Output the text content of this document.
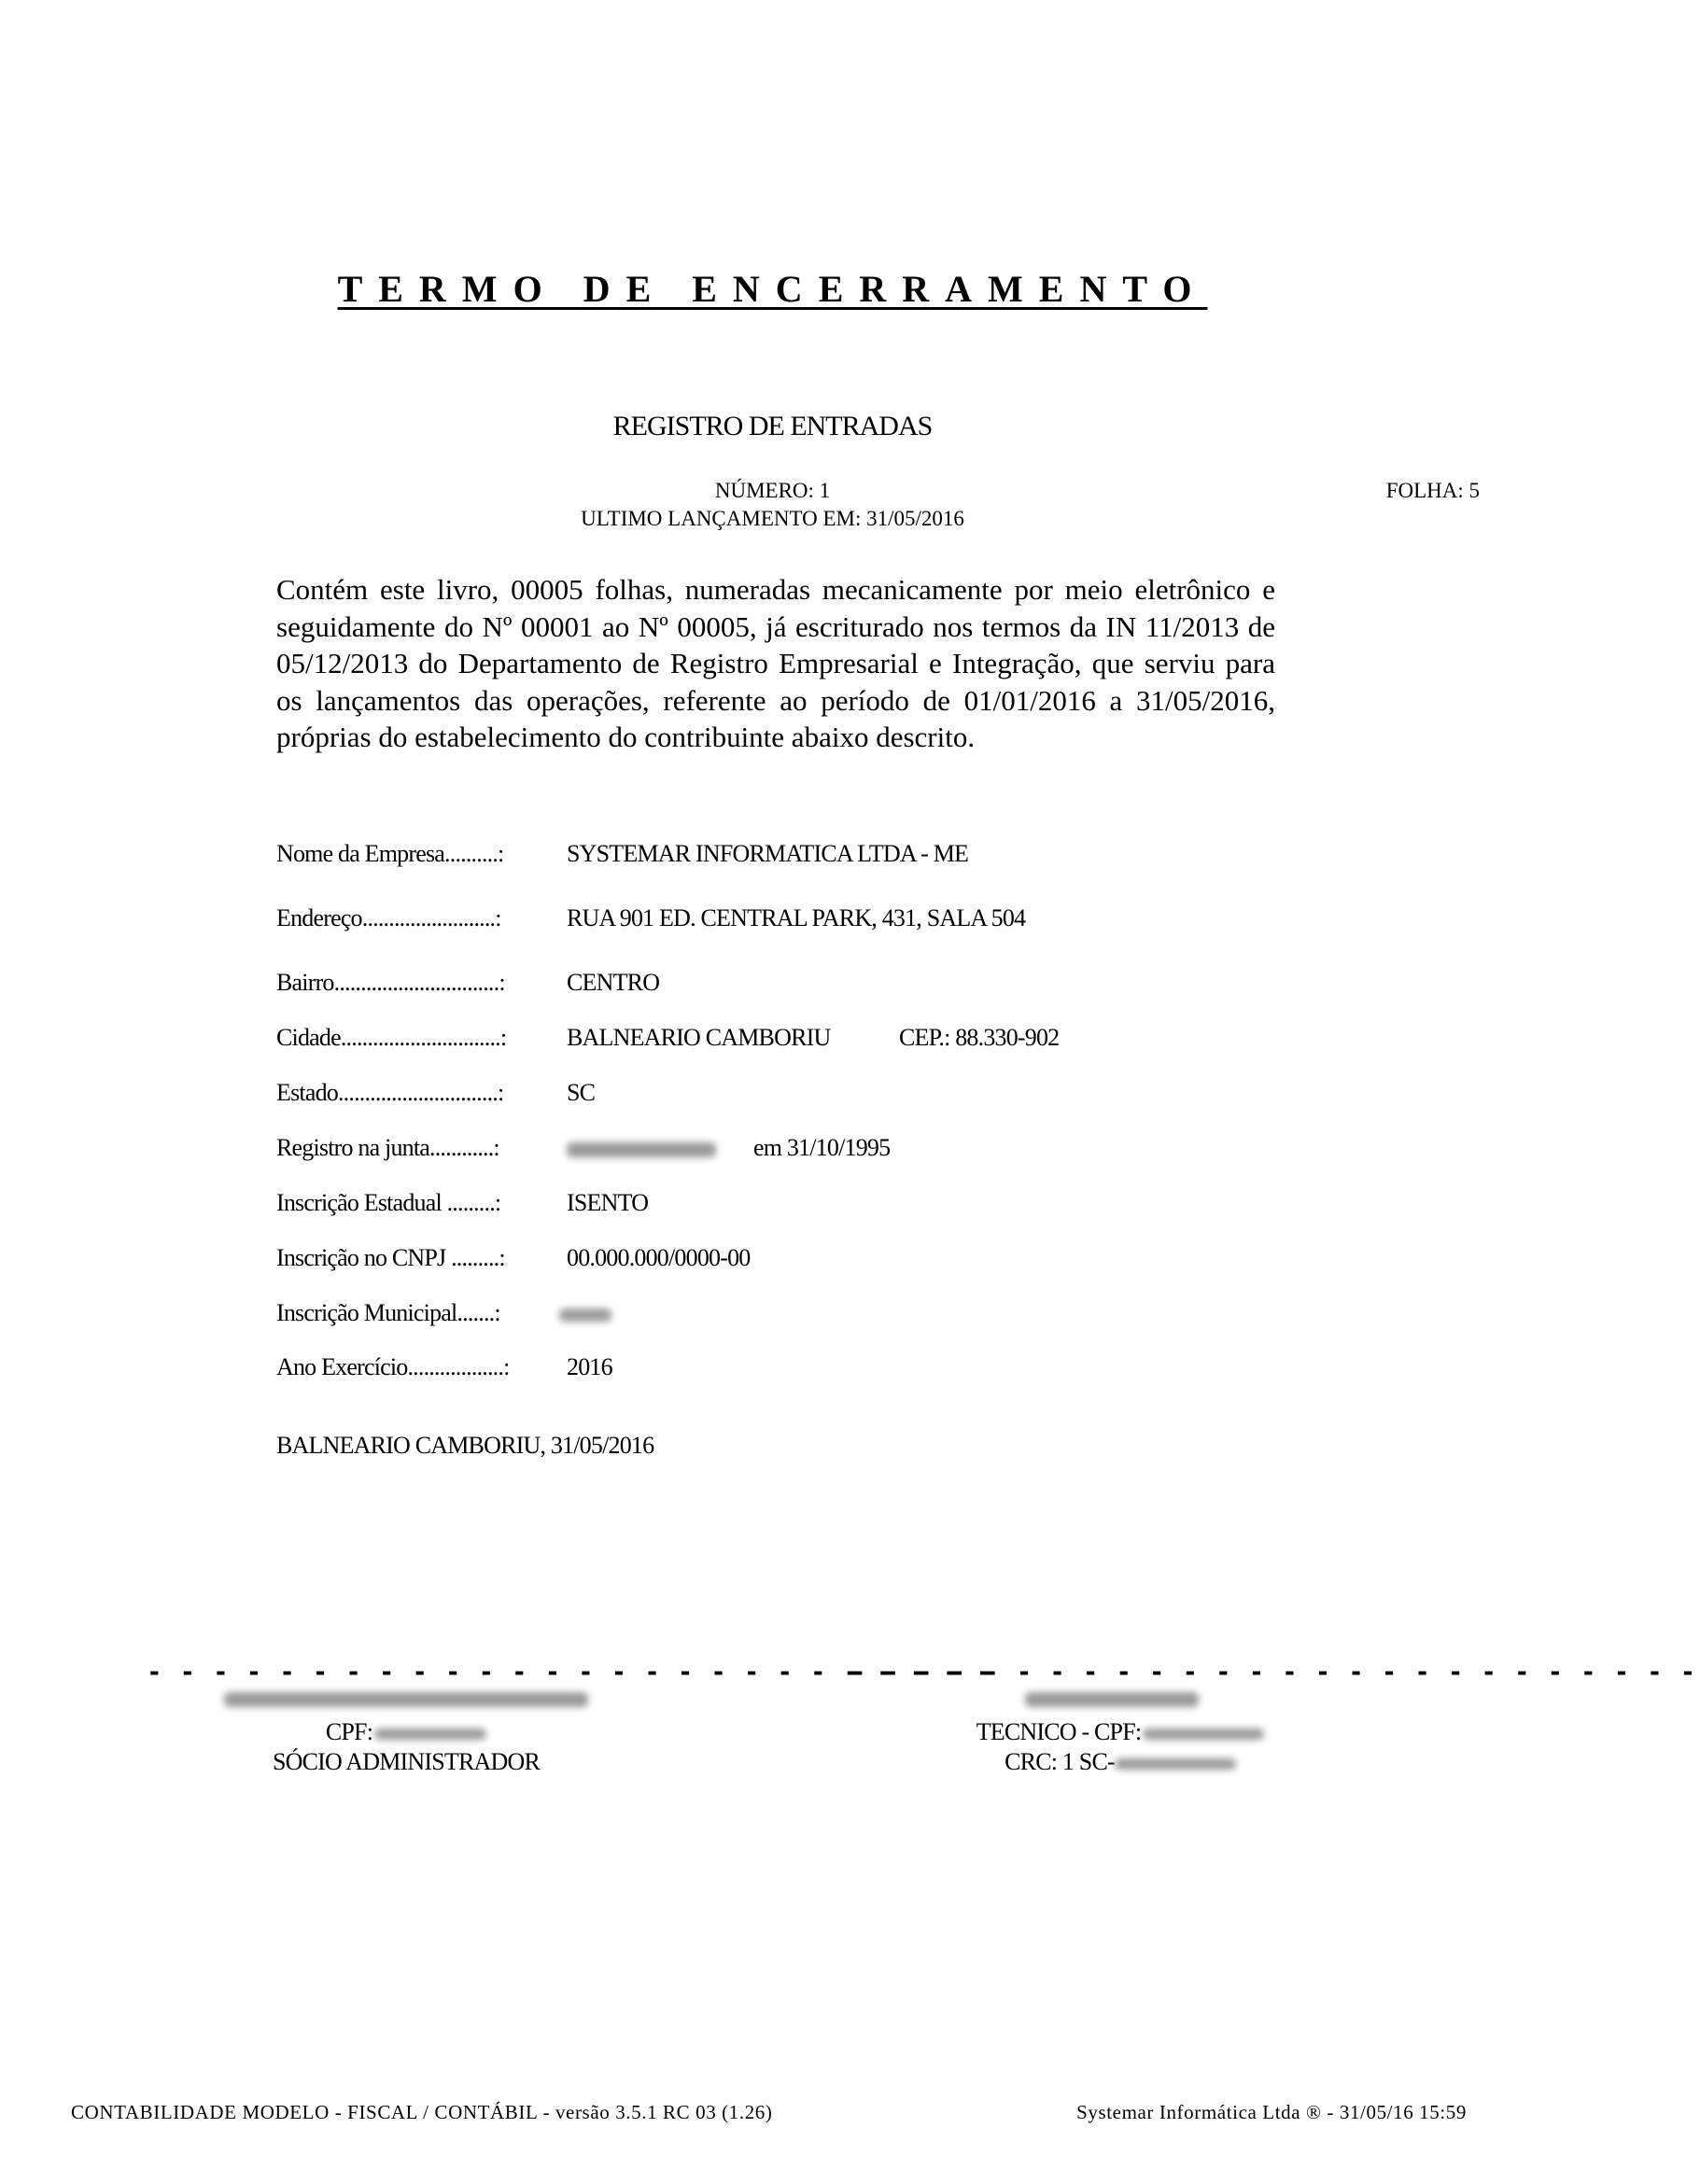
TERMO DE ENCERRAMENTO
REGISTRO DE ENTRADAS
NÚMERO: 1	FOLHA: 5
ULTIMO LANÇAMENTO EM: 31/05/2016
Contém este livro, 00005 folhas, numeradas mecanicamente por meio eletrônico e seguidamente do Nº 00001 ao Nº 00005, já escriturado nos termos da IN 11/2013 de 05/12/2013 do Departamento de Registro Empresarial e Integração, que serviu para os lançamentos das operações, referente ao período de 01/01/2016 a 31/05/2016, próprias do estabelecimento do contribuinte abaixo descrito.
Nome da Empresa..........:	SYSTEMAR INFORMATICA LTDA - ME
Endereço.........................:	RUA 901 ED. CENTRAL PARK, 431, SALA 504
Bairro...............................:	CENTRO
Cidade..............................: BALNEARIO CAMBORIU	CEP.: 88.330-902
Estado..............................:	SC
Registro na junta............:	em 31/10/1995
Inscrição Estadual .........:	ISENTO
Inscrição no CNPJ .........:	00.000.000/0000-00
Inscrição Municipal.......:
Ano Exercício..................: 2016
BALNEARIO CAMBORIU, 31/05/2016
- - - - - - - - - - - - - - - - - - - - - - - - - -
CPF:
SÓCIO ADMINISTRADOR
- - - - - - - - - - - - - - - - - - - - - - - - - -
TECNICO - CPF:
CRC: 1 SC-
CONTABILIDADE MODELO - FISCAL / CONTÁBIL - versão 3.5.1 RC 03 (1.26)	Systemar Informática Ltda ® - 31/05/16 15:59
